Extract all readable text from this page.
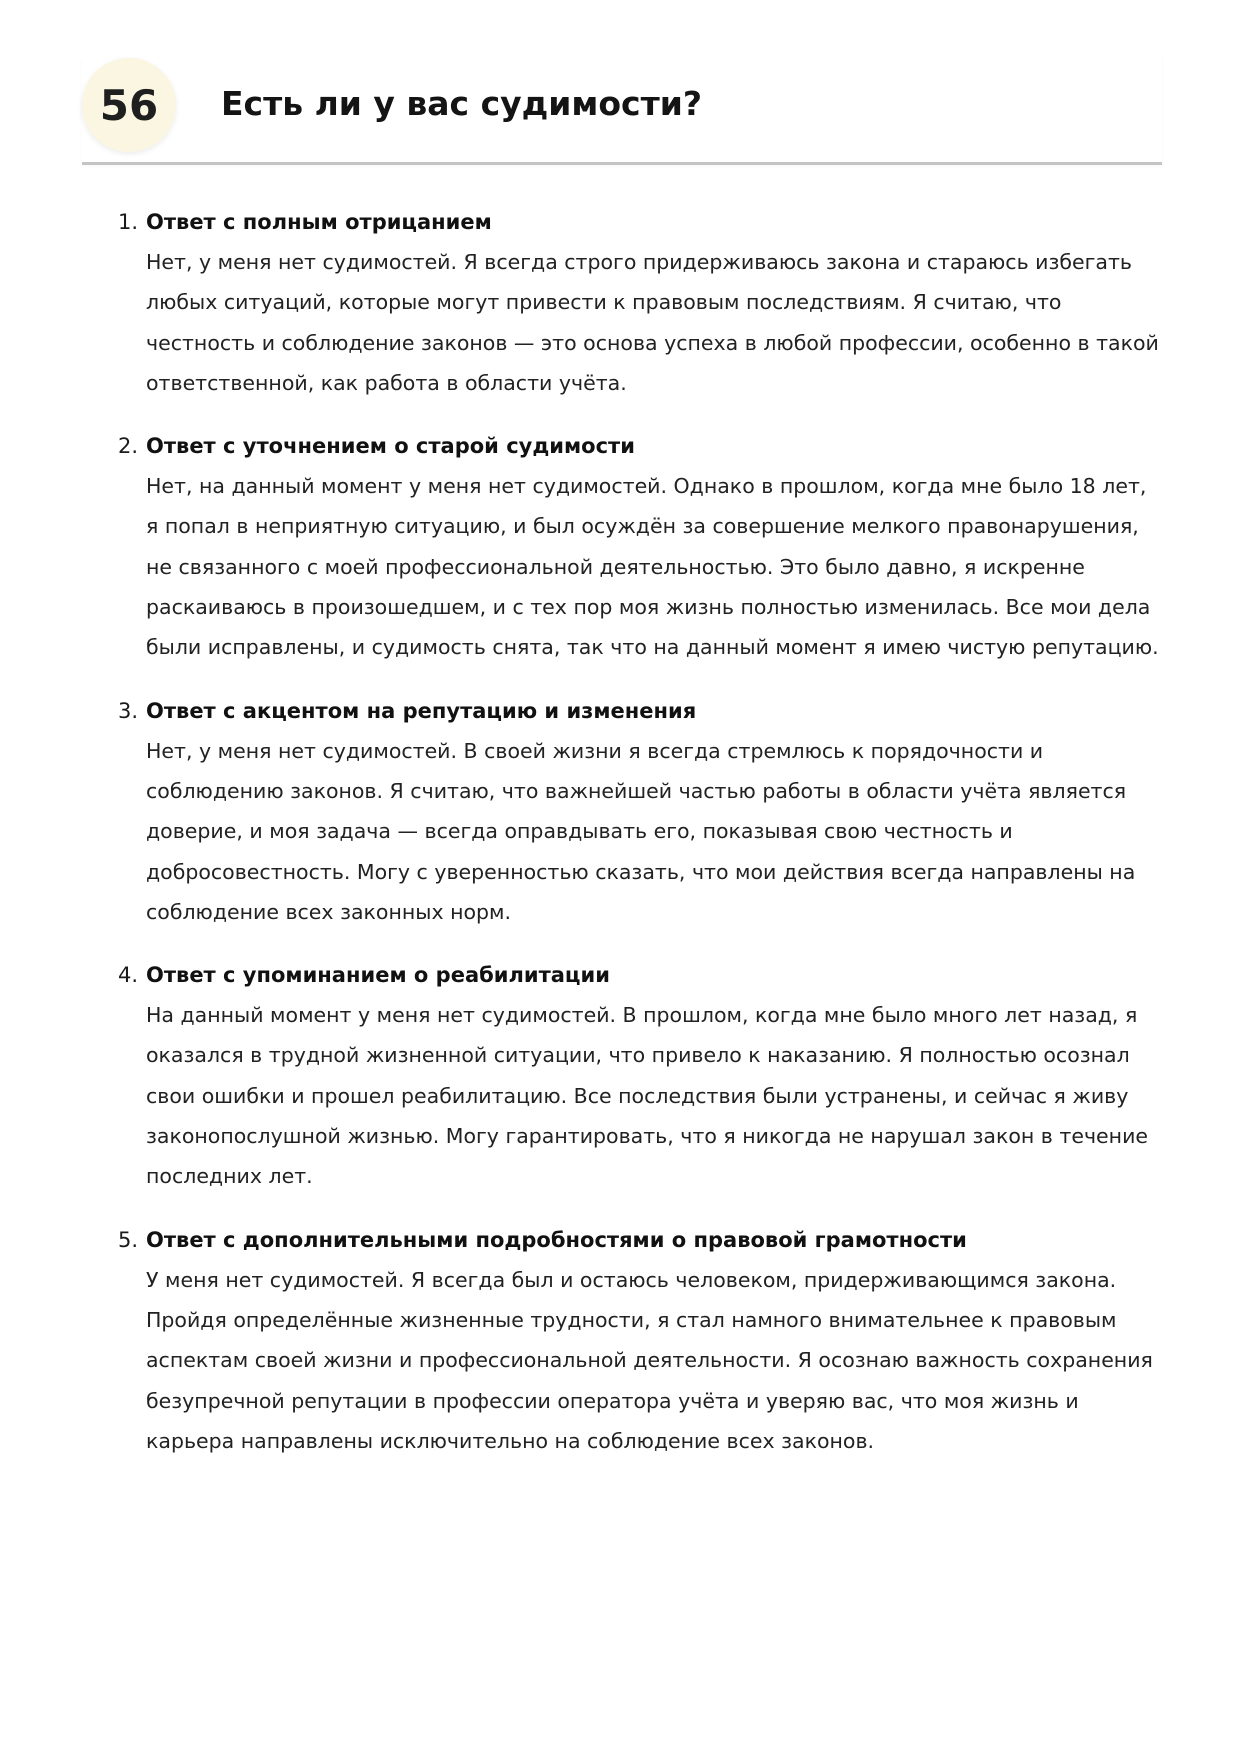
56	Есть ли у вас судимости?
1. Ответ с полным отрицанием

Нет, у меня нет судимостей. Я всегда строго придерживаюсь закона и стараюсь избегать любых ситуаций, которые могут привести к правовым последствиям. Я считаю, что честность и соблюдение законов — это основа успеха в любой профессии, особенно в такой ответственной, как работа в области учёта.

2. Ответ с уточнением о старой судимости

Нет, на данный момент у меня нет судимостей. Однако в прошлом, когда мне было 18 лет, я попал в неприятную ситуацию, и был осуждён за совершение мелкого правонарушения, не связанного с моей профессиональной деятельностью. Это было давно, я искренне раскаиваюсь в произошедшем, и с тех пор моя жизнь полностью изменилась. Все мои дела были исправлены, и судимость снята, так что на данный момент я имею чистую репутацию.

3. Ответ с акцентом на репутацию и изменения

Нет, у меня нет судимостей. В своей жизни я всегда стремлюсь к порядочности и соблюдению законов. Я считаю, что важнейшей частью работы в области учёта является доверие, и моя задача — всегда оправдывать его, показывая свою честность и добросовестность. Могу с уверенностью сказать, что мои действия всегда направлены на соблюдение всех законных норм.

4. Ответ с упоминанием о реабилитации

На данный момент у меня нет судимостей. В прошлом, когда мне было много лет назад, я оказался в трудной жизненной ситуации, что привело к наказанию. Я полностью осознал свои ошибки и прошел реабилитацию. Все последствия были устранены, и сейчас я живу законопослушной жизнью. Могу гарантировать, что я никогда не нарушал закон в течение последних лет.

5. Ответ с дополнительными подробностями о правовой грамотности

У меня нет судимостей. Я всегда был и остаюсь человеком, придерживающимся закона. Пройдя определённые жизненные трудности, я стал намного внимательнее к правовым аспектам своей жизни и профессиональной деятельности. Я осознаю важность сохранения безупречной репутации в профессии оператора учёта и уверяю вас, что моя жизнь и карьера направлены исключительно на соблюдение всех законов.
